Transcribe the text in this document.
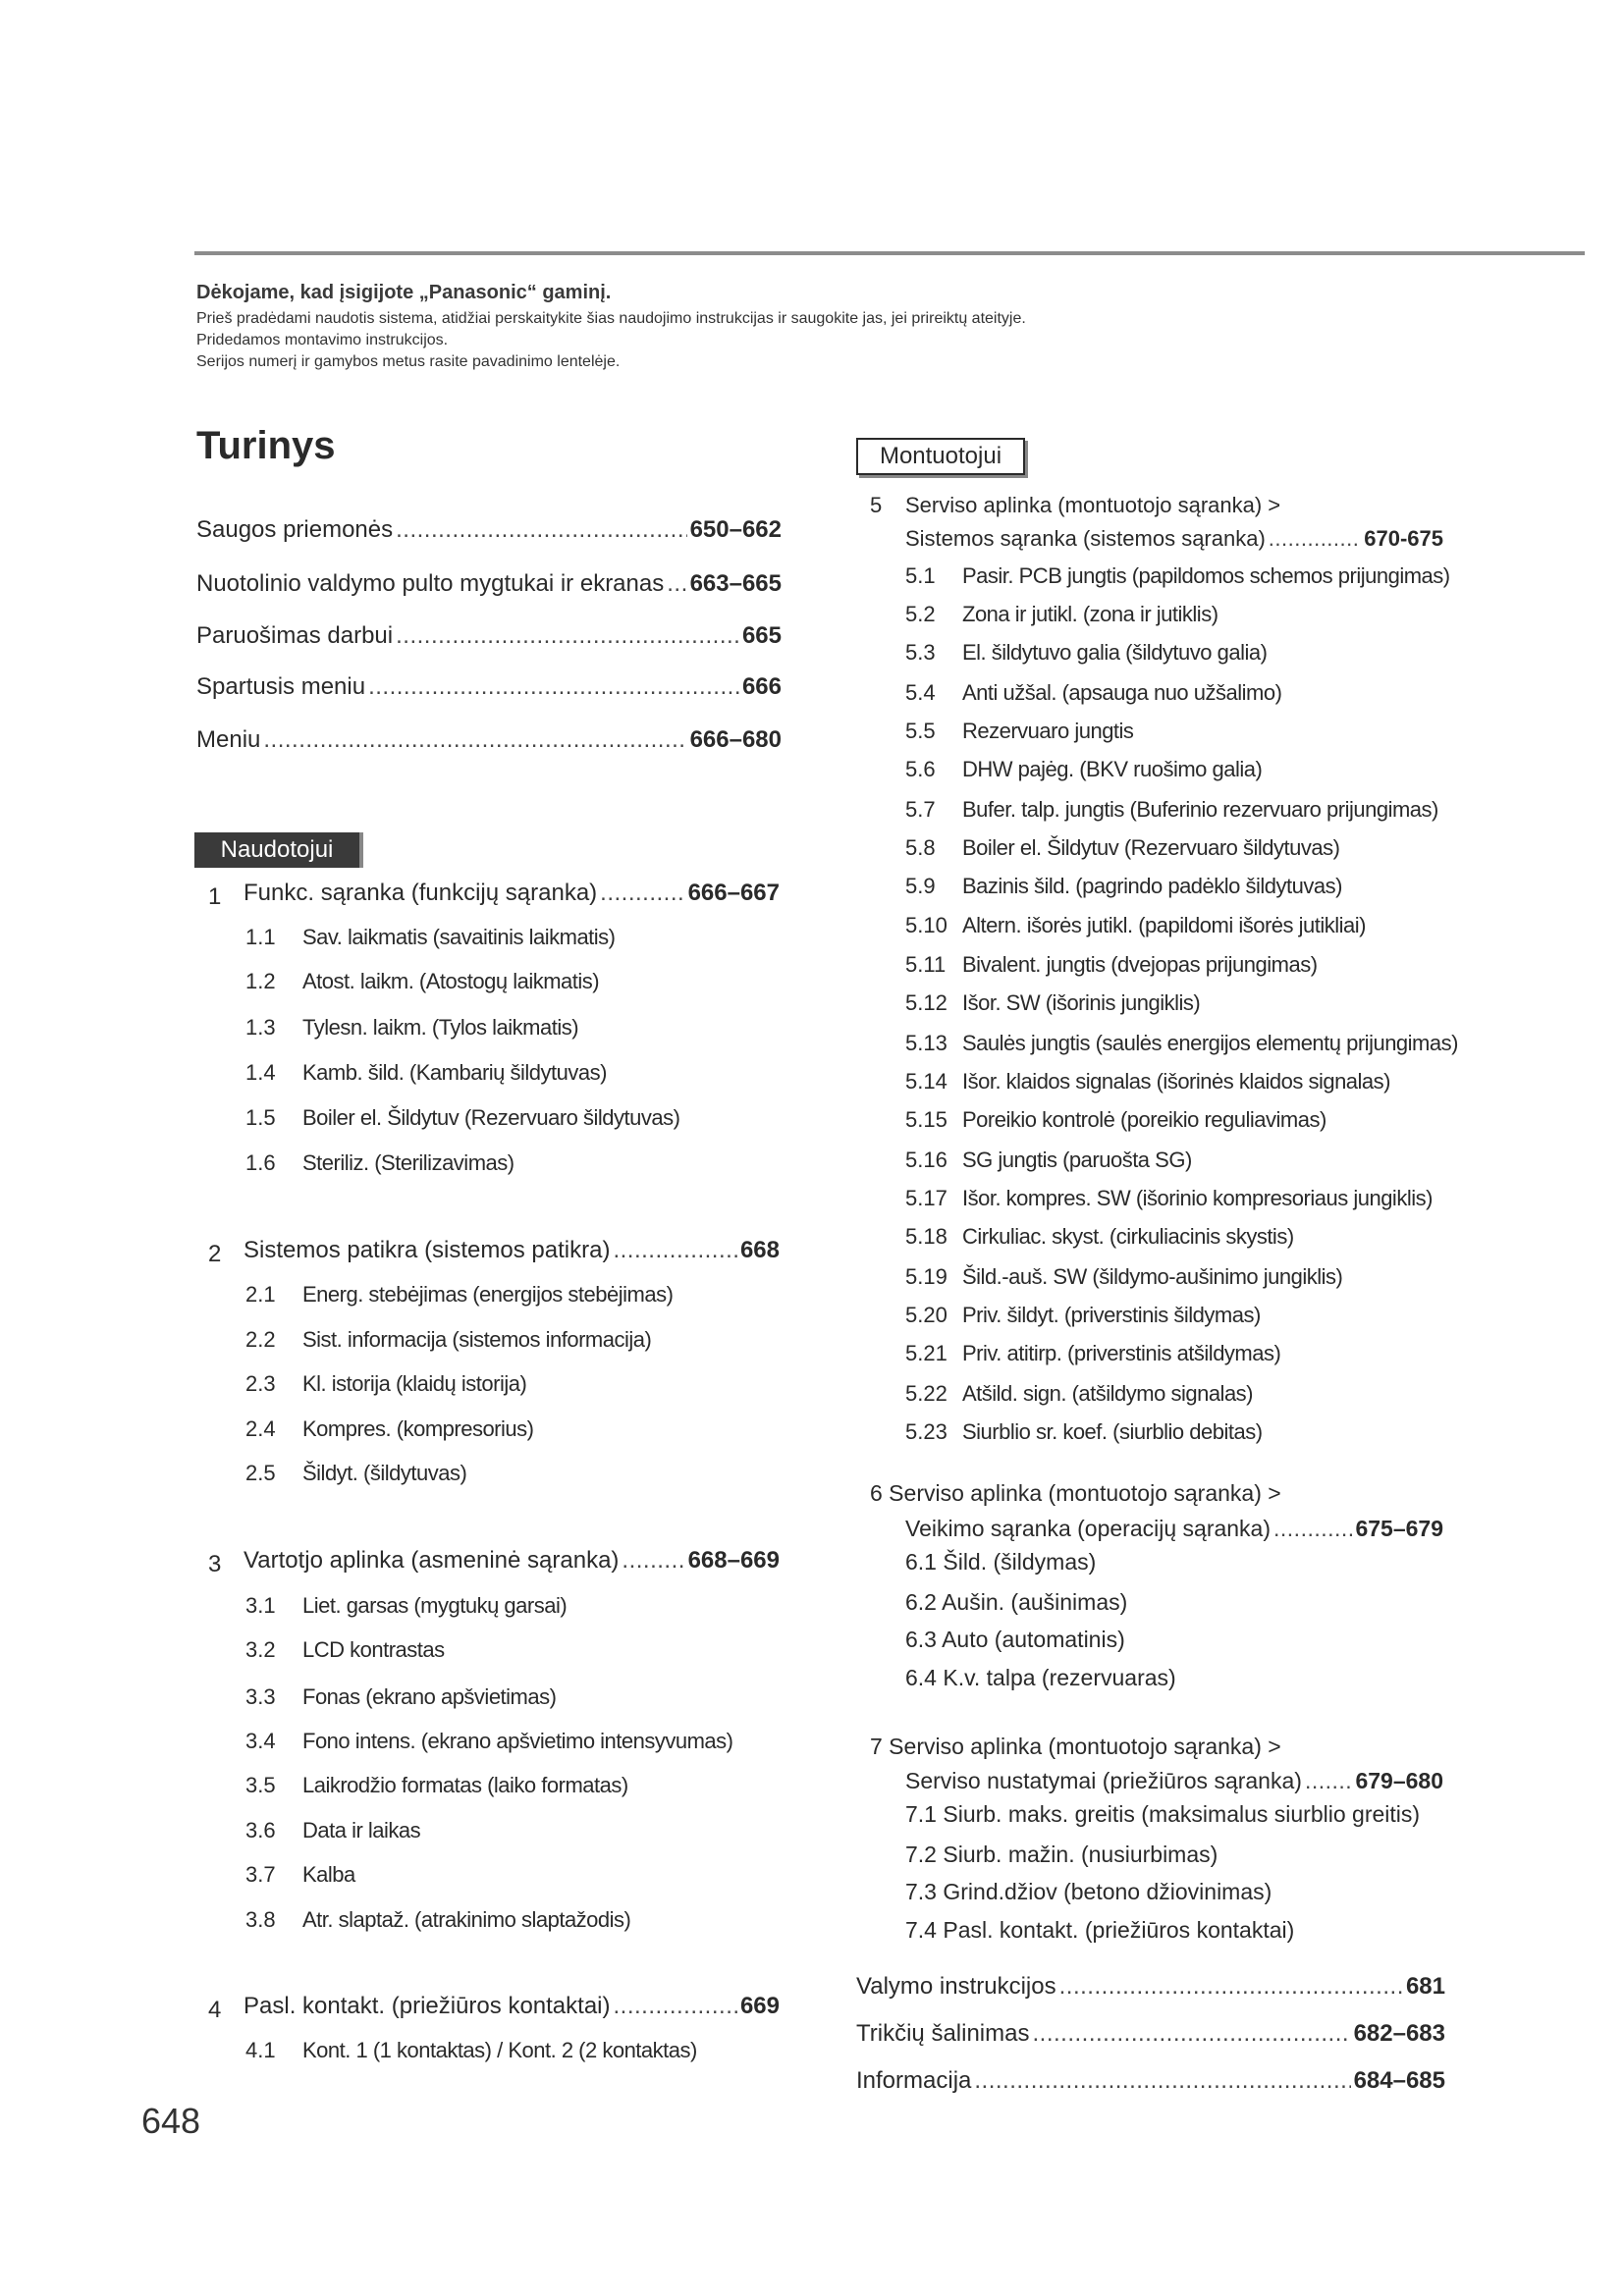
Dėkojame, kad įsigijote „Panasonic“ gaminį.

Prieš pradėdami naudotis sistema, atidžiai perskaitykite šias naudojimo instrukcijas ir saugokite jas, jei prireiktų ateityje.

Pridedamos montavimo instrukcijos.

Serijos numerį ir gamybos metus rasite pavadinimo lentelėje.

Turinys
Saugos priemonės .....	650–662
Nuotolinio valdymo pulto mygtukai ir ekranas ..... 663–665
Paruošimas darbui .....	665
Spartusis meniu .....	666
Meniu .....	666–680
Naudotojui
Montuotojui
1 Funkc. sąranka (funkcijų sąranka) .....	666–667
1.1 Sav. laikmatis (savaitinis laikmatis)
1.2 Atost. laikm. (Atostogų laikmatis)
1.3 Tylesn. laikm. (Tylos laikmatis)
1.4 Kamb. šild. (Kambarių šildytuvas)
1.5 Boiler el. Šildytuv (Rezervuaro šildytuvas)
1.6 Steriliz. (Sterilizavimas)
2 Sistemos patikra (sistemos patikra) .....	668
2.1 Energ. stebėjimas (energijos stebėjimas)
2.2 Sist. informacija (sistemos informacija)
2.3 Kl. istorija (klaidų istorija)
2.4 Kompres. (kompresorius)
2.5 Šildyt. (šildytuvas)
3 Vartotjo aplinka (asmeninė sąranka) .....	668–669
3.1 Liet. garsas (mygtukų garsai)
3.2 LCD kontrastas
3.3 Fonas (ekrano apšvietimas)
3.4 Fono intens. (ekrano apšvietimo intensyvumas)
3.5 Laikrodžio formatas (laiko formatas)
3.6 Data ir laikas
3.7 Kalba
3.8 Atr. slaptaž. (atrakinimo slaptažodis)
4 Pasl. kontakt. (priežiūros kontaktai) .....	669
4.1 Kont. 1 (1 kontaktas) / Kont. 2 (2 kontaktas)
5 Serviso aplinka (montuotojo sąranka) >
Sistemos sąranka (sistemos sąranka) .....	670-675
5.1 Pasir. PCB jungtis (papildomos schemos prijungimas)
5.2 Zona ir jutikl. (zona ir jutiklis)
5.3 El. šildytuvo galia (šildytuvo galia)
5.4 Anti užšal. (apsauga nuo užšalimo)
5.5 Rezervuaro jungtis
5.6 DHW pajėg. (BKV ruošimo galia)
5.7 Bufer. talp. jungtis (Buferinio rezervuaro prijungimas)
5.8 Boiler el. Šildytuv (Rezervuaro šildytuvas)
5.9 Bazinis šild. (pagrindo padėklo šildytuvas)
5.10 Altern. išorės jutikl. (papildomi išorės jutikliai)
5.11 Bivalent. jungtis (dvejopas prijungimas)
5.12 Išor. SW (išorinis jungiklis)
5.13 Saulės jungtis (saulės energijos elementų prijungimas)
5.14 Išor. klaidos signalas (išorinės klaidos signalas)
5.15 Poreikio kontrolė (poreikio reguliavimas)
5.16 SG jungtis (paruošta SG)
5.17 Išor. kompres. SW (išorinio kompresoriaus jungiklis)
5.18 Cirkuliac. skyst. (cirkuliacinis skystis)
5.19 Šild.-auš. SW (šildymo-aušinimo jungiklis)
5.20 Priv. šildyt. (priverstinis šildymas)
5.21 Priv. atitirp. (priverstinis atšildymas)
5.22 Atšild. sign. (atšildymo signalas)
5.23 Siurblio sr. koef. (siurblio debitas)
6 Serviso aplinka (montuotojo sąranka) >
Veikimo sąranka (operacijų sąranka) .....	675–679
6.1 Šild. (šildymas)
6.2 Aušin. (aušinimas)
6.3 Auto (automatinis)
6.4 K.v. talpa (rezervuaras)
7 Serviso aplinka (montuotojo sąranka) >
Serviso nustatymai (priežiūros sąranka) ..... 679–680
7.1 Siurb. maks. greitis (maksimalus siurblio greitis)
7.2 Siurb. mažin. (nusiurbimas)
7.3 Grind.džiov (betono džiovinimas)
7.4 Pasl. kontakt. (priežiūros kontaktai)
Valymo instrukcijos .....	681
Trikčių šalinimas .....	682–683
Informacija .....	684–685
648
